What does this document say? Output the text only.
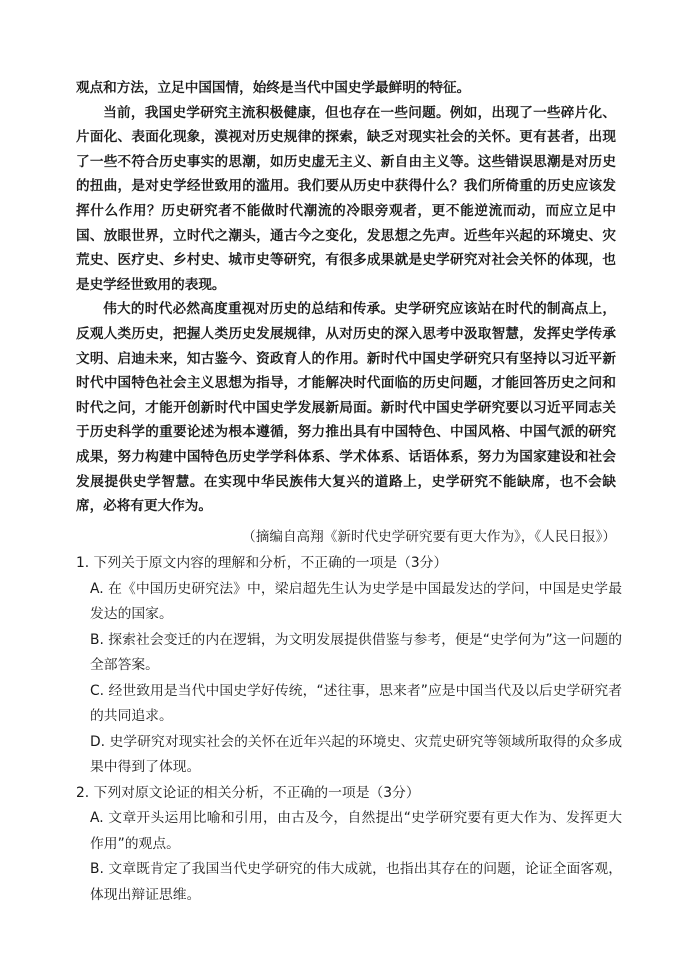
观点和方法，立足中国国情，始终是当代中国史学最鲜明的特征。

当前，我国史学研究主流积极健康，但也存在一些问题。例如，出现了一些碎片化、片面化、表面化现象，漠视对历史规律的探索，缺乏对现实社会的关怀。更有甚者，出现了一些不符合历史事实的思潮，如历史虚无主义、新自由主义等。这些错误思潮是对历史的扭曲，是对史学经世致用的滥用。我们要从历史中获得什么？我们所倚重的历史应该发挥什么作用？历史研究者不能做时代潮流的冷眼旁观者，更不能逆流而动，而应立足中国、放眼世界，立时代之潮头，通古今之变化，发思想之先声。近些年兴起的环境史、灾荒史、医疗史、乡村史、城市史等研究，有很多成果就是史学研究对社会关怀的体现，也是史学经世致用的表现。

伟大的时代必然高度重视对历史的总结和传承。史学研究应该站在时代的制高点上，反观人类历史，把握人类历史发展规律，从对历史的深入思考中汲取智慧，发挥史学传承文明、启迪未来，知古鉴今、资政育人的作用。新时代中国史学研究只有坚持以习近平新时代中国特色社会主义思想为指导，才能解决时代面临的历史问题，才能回答历史之问和时代之问，才能开创新时代中国史学发展新局面。新时代中国史学研究要以习近平同志关于历史科学的重要论述为根本遵循，努力推出具有中国特色、中国风格、中国气派的研究成果，努力构建中国特色历史学学科体系、学术体系、话语体系，努力为国家建设和社会发展提供史学智慧。在实现中华民族伟大复兴的道路上，史学研究不能缺席，也不会缺席，必将有更大作为。

（摘编自高翔《新时代史学研究要有更大作为》，《人民日报》）

1. 下列关于原文内容的理解和分析，不正确的一项是（3分）

A. 在《中国历史研究法》中，梁启超先生认为史学是中国最发达的学问，中国是史学最发达的国家。

B. 探索社会变迁的内在逻辑，为文明发展提供借鉴与参考，便是“史学何为”这一问题的全部答案。

C. 经世致用是当代中国史学好传统，“述往事，思来者”应是中国当代及以后史学研究者的共同追求。

D. 史学研究对现实社会的关怀在近年兴起的环境史、灾荒史研究等领域所取得的众多成果中得到了体现。

2. 下列对原文论证的相关分析，不正确的一项是（3分）

A. 文章开头运用比喻和引用，由古及今，自然提出“史学研究要有更大作为、发挥更大作用”的观点。

B. 文章既肯定了我国当代史学研究的伟大成就，也指出其存在的问题，论证全面客观，体现出辩证思维。
